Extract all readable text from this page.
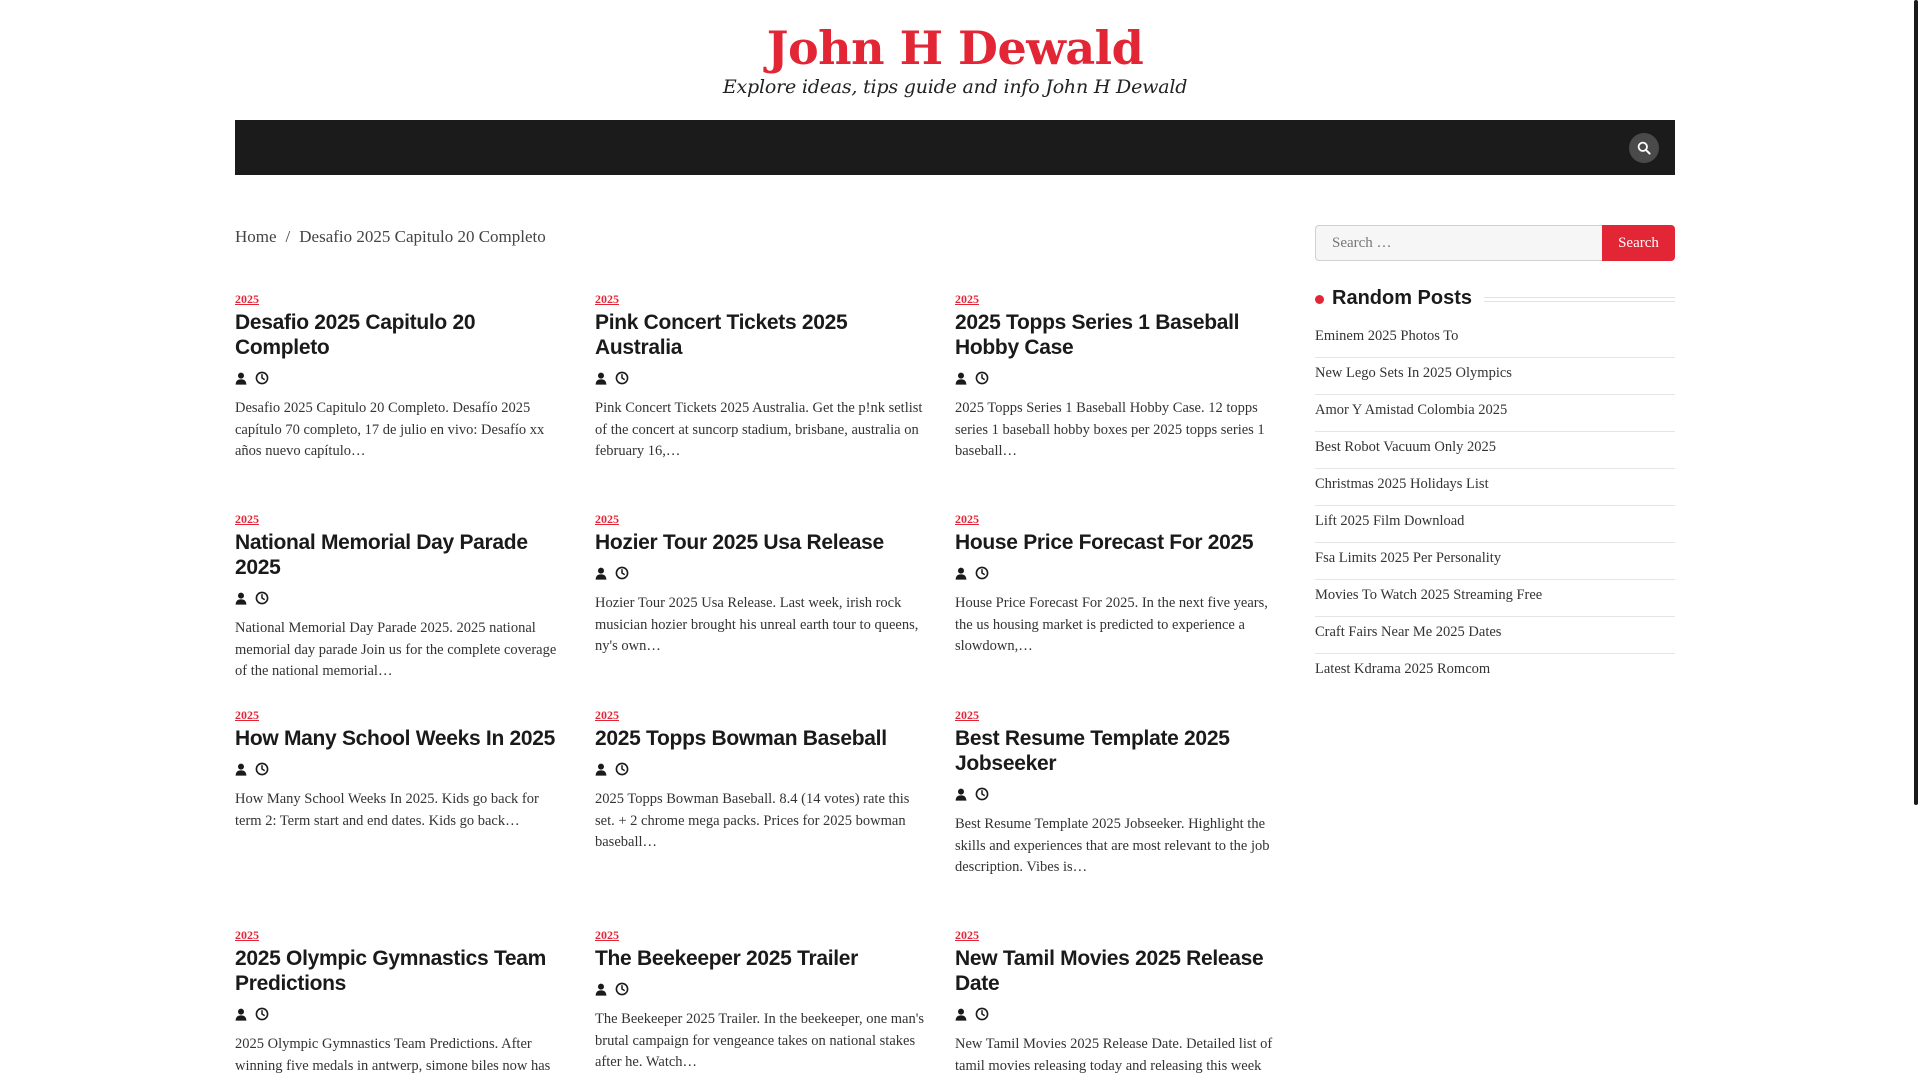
John H Dewald

Explore ideas, tips guide and info John H Dewald

Home / Desafio 2025 Capitulo 20 Completo
2025
Desafio 2025 Capitulo 20 Completo
Desafio 2025 Capitulo 20 Completo. Desafío 2025 capítulo 70 completo, 17 de julio en vivo: Desafío xx años nuevo capítulo…
2025
Pink Concert Tickets 2025 Australia
Pink Concert Tickets 2025 Australia. Get the p!nk setlist of the concert at suncorp stadium, brisbane, australia on february 16,…
2025
2025 Topps Series 1 Baseball Hobby Case
2025 Topps Series 1 Baseball Hobby Case. 12 topps series 1 baseball hobby boxes per 2025 topps series 1 baseball…
2025
National Memorial Day Parade 2025
National Memorial Day Parade 2025. 2025 national memorial day parade Join us for the complete coverage of the national memorial…
2025
Hozier Tour 2025 Usa Release
Hozier Tour 2025 Usa Release. Last week, irish rock musician hozier brought his unreal earth tour to queens, ny's own…
2025
House Price Forecast For 2025
House Price Forecast For 2025. In the next five years, the us housing market is predicted to experience a slowdown,…
2025
How Many School Weeks In 2025
How Many School Weeks In 2025. Kids go back for term 2: Term start and end dates. Kids go back…
2025
2025 Topps Bowman Baseball
2025 Topps Bowman Baseball. 8.4 (14 votes) rate this set. + 2 chrome mega packs. Prices for 2025 bowman baseball…
2025
Best Resume Template 2025 Jobseeker
Best Resume Template 2025 Jobseeker. Highlight the skills and experiences that are most relevant to the job description. Vibes is…
2025
2025 Olympic Gymnastics Team Predictions
2025 Olympic Gymnastics Team Predictions. After winning five medals in antwerp, simone biles now has
2025
The Beekeeper 2025 Trailer
The Beekeeper 2025 Trailer. In the beekeeper, one man's brutal campaign for vengeance takes on national stakes after he. Watch…
2025
New Tamil Movies 2025 Release Date
New Tamil Movies 2025 Release Date. Detailed list of tamil movies releasing today and releasing this week
Search …
Search
Random Posts
Eminem 2025 Photos To
New Lego Sets In 2025 Olympics
Amor Y Amistad Colombia 2025
Best Robot Vacuum Only 2025
Christmas 2025 Holidays List
Lift 2025 Film Download
Fsa Limits 2025 Per Personality
Movies To Watch 2025 Streaming Free
Craft Fairs Near Me 2025 Dates
Latest Kdrama 2025 Romcom
